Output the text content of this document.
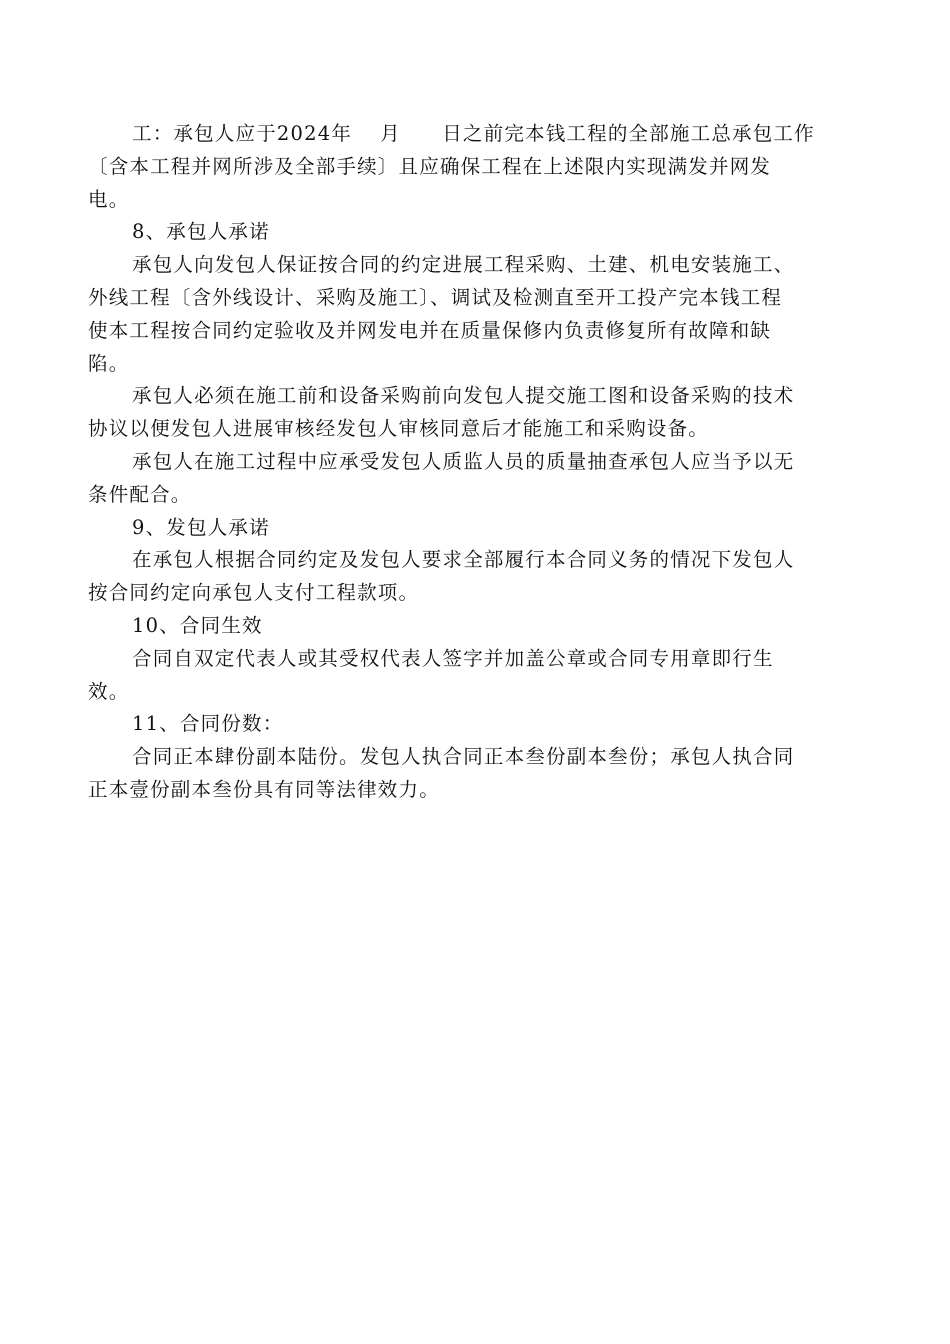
工：承包人应于2024年　 月　　日之前完本钱工程的全部施工总承包工作
〔含本工程并网所涉及全部手续〕且应确保工程在上述限内实现满发并网发
电。
8、承包人承诺
承包人向发包人保证按合同的约定进展工程采购、土建、机电安装施工、
外线工程〔含外线设计、采购及施工〕、调试及检测直至开工投产完本钱工程
使本工程按合同约定验收及并网发电并在质量保修内负责修复所有故障和缺
陷。
承包人必须在施工前和设备采购前向发包人提交施工图和设备采购的技术
协议以便发包人进展审核经发包人审核同意后才能施工和采购设备。
承包人在施工过程中应承受发包人质监人员的质量抽查承包人应当予以无
条件配合。
9、发包人承诺
在承包人根据合同约定及发包人要求全部履行本合同义务的情况下发包人
按合同约定向承包人支付工程款项。
10、合同生效
合同自双定代表人或其受权代表人签字并加盖公章或合同专用章即行生
效。
11、合同份数：
合同正本肆份副本陆份。发包人执合同正本叁份副本叁份；承包人执合同
正本壹份副本叁份具有同等法律效力。
